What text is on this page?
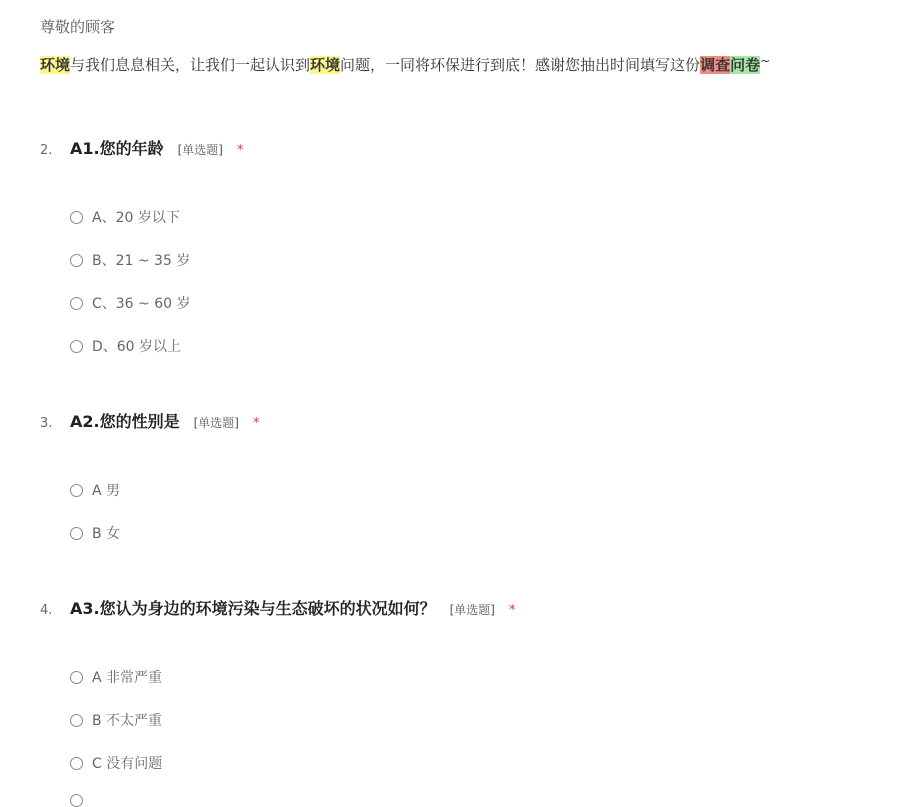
尊敬的顾客
环境与我们息息相关，让我们一起认识到环境问题，一同将环保进行到底！感谢您抽出时间填写这份调查问卷~
2.	A1.您的年龄 [单选题] *
A、20 岁以下
B、21 ~ 35 岁
C、36 ~ 60 岁
D、60 岁以上
3.	A2.您的性别是 [单选题] *
A 男
B 女
4.	A3.您认为身边的环境污染与生态破坏的状况如何？ [单选题] *
A 非常严重
B 不太严重
C 没有问题
